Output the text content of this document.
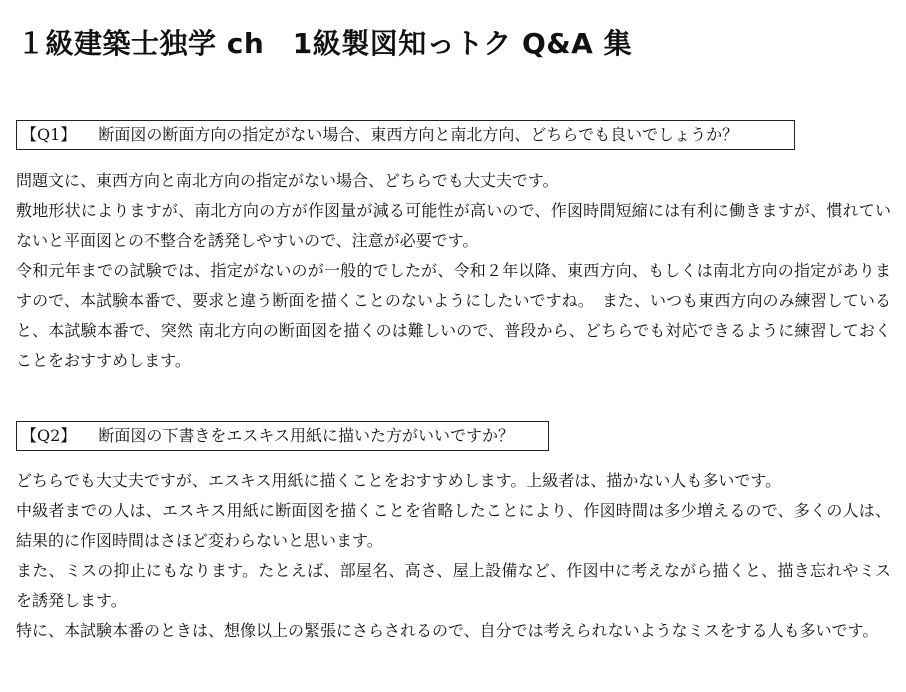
１級建築士独学 ch　1級製図知っトク Q&A 集
【Q1】 断面図の断面方向の指定がない場合、東西方向と南北方向、どちらでも良いでしょうか？

問題文に、東西方向と南北方向の指定がない場合、どちらでも大丈夫です。

敷地形状によりますが、南北方向の方が作図量が減る可能性が高いので、作図時間短縮には有利に働きますが、慣れていないと平面図との不整合を誘発しやすいので、注意が必要です。

令和元年までの試験では、指定がないのが一般的でしたが、令和２年以降、東西方向、もしくは南北方向の指定がありますので、本試験本番で、要求と違う断面を描くことのないようにしたいですね。　また、いつも東西方向のみ練習していると、本試験本番で、突然 南北方向の断面図を描くのは難しいので、普段から、どちらでも対応できるように練習しておくことをおすすめします。

【Q2】 断面図の下書きをエスキス用紙に描いた方がいいですか？

どちらでも大丈夫ですが、エスキス用紙に描くことをおすすめします。上級者は、描かない人も多いです。

中級者までの人は、エスキス用紙に断面図を描くことを省略したことにより、作図時間は多少増えるので、多くの人は、結果的に作図時間はさほど変わらないと思います。

また、ミスの抑止にもなります。たとえば、部屋名、高さ、屋上設備など、作図中に考えながら描くと、描き忘れやミスを誘発します。

特に、本試験本番のときは、想像以上の緊張にさらされるので、自分では考えられないようなミスをする人も多いです。
